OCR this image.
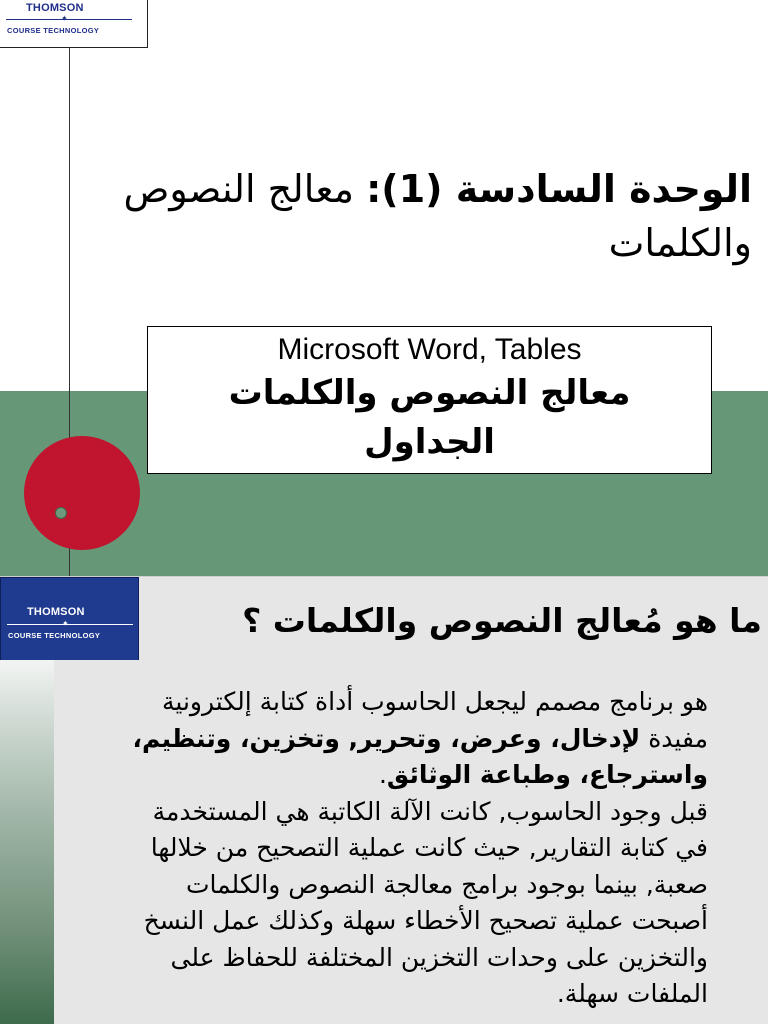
THOMSON
COURSE TECHNOLOGY
الوحدة السادسة (1): معالج النصوص والكلمات
Microsoft Word, Tables
معالج النصوص والكلمات
الجداول
THOMSON
COURSE TECHNOLOGY	ما هو مُعالج النصوص والكلمات ؟

هو برنامج مصمم ليجعل الحاسوب أداة كتابة إلكترونية مفيدة لإدخال، وعرض، وتحرير, وتخزين، وتنظيم، واسترجاع، وطباعة الوثائق.

قبل وجود الحاسوب, كانت الآلة الكاتبة هي المستخدمة في كتابة التقارير, حيث كانت عملية التصحيح من خلالها صعبة, بينما بوجود برامج معالجة النصوص والكلمات أصبحت عملية تصحيح الأخطاء سهلة وكذلك عمل النسخ والتخزين على وحدات التخزين المختلفة للحفاظ على الملفات سهلة.
